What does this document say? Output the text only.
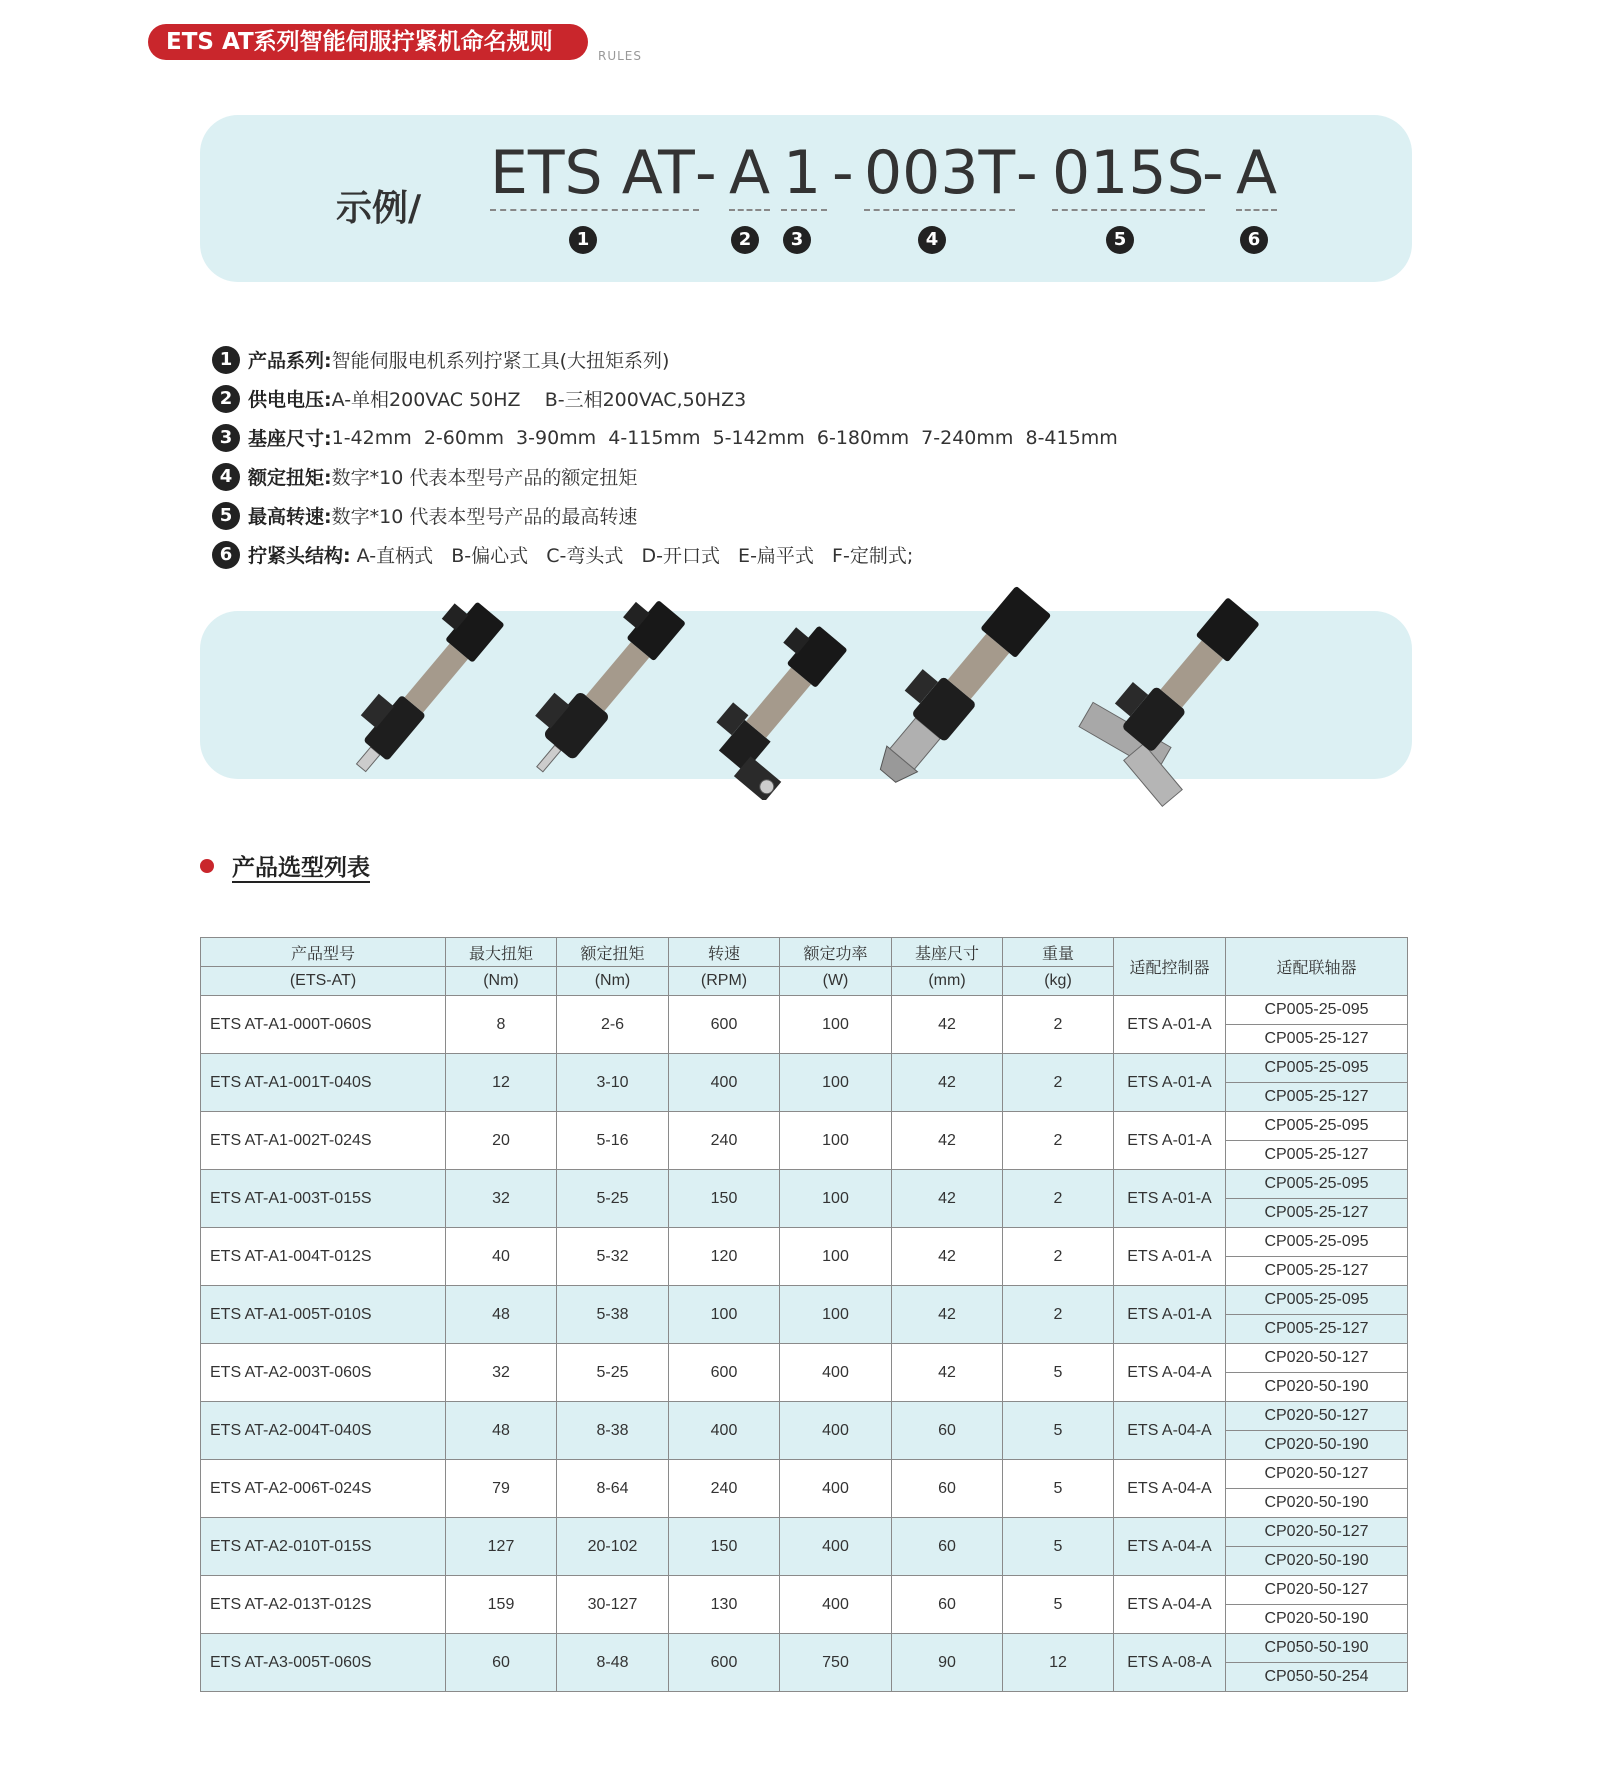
ETS AT系列智能伺服拧紧机命名规则
RULES
示例/
ETS AT - A 1 - 003T - 015S
- A
1	2	3	4	5	6
1 产品系列: 智能伺服电机系列拧紧工具(大扭矩系列)
2 供电电压: A-单相200VAC 50HZ    B-三相200VAC,50HZ3
3 基座尺寸: 1-42mm  2-60mm  3-90mm  4-115mm  5-142mm  6-180mm  7-240mm  8-415mm
4 额定扭矩: 数字*10 代表本型号产品的额定扭矩
5 最高转速: 数字*10 代表本型号产品的最高转速
6 拧紧头结构: A-直柄式   B-偏心式   C-弯头式   D-开口式   E-扁平式   F-定制式;
产品选型列表
产品型号	最大扭矩	额定扭矩	转速	额定功率	基座尺寸	重量	适配控制器	适配联轴器
(ETS-AT)	(Nm)	(Nm)	(RPM)	(W)	(mm)	(kg)		
ETS AT-A1-000T-060S	8	2-6	600	100	42	2	ETS A-01-A	CP005-25-095
								CP005-25-127
ETS AT-A1-001T-040S	12	3-10	400	100	42	2	ETS A-01-A	CP005-25-095
								CP005-25-127
ETS AT-A1-002T-024S	20	5-16	240	100	42	2	ETS A-01-A	CP005-25-095
								CP005-25-127
ETS AT-A1-003T-015S	32	5-25	150	100	42	2	ETS A-01-A	CP005-25-095
								CP005-25-127
ETS AT-A1-004T-012S	40	5-32	120	100	42	2	ETS A-01-A	CP005-25-095
								CP005-25-127
ETS AT-A1-005T-010S	48	5-38	100	100	42	2	ETS A-01-A	CP005-25-095
								CP005-25-127
ETS AT-A2-003T-060S	32	5-25	600	400	42	5	ETS A-04-A	CP020-50-127
								CP020-50-190
ETS AT-A2-004T-040S	48	8-38	400	400	60	5	ETS A-04-A	CP020-50-127
								CP020-50-190
ETS AT-A2-006T-024S	79	8-64	240	400	60	5	ETS A-04-A	CP020-50-127
								CP020-50-190
ETS AT-A2-010T-015S	127	20-102	150	400	60	5	ETS A-04-A	CP020-50-127
								CP020-50-190
ETS AT-A2-013T-012S	159	30-127	130	400	60	5	ETS A-04-A	CP020-50-127
								CP020-50-190
ETS AT-A3-005T-060S	60	8-48	600	750	90	12	ETS A-08-A	CP050-50-190
								CP050-50-254
